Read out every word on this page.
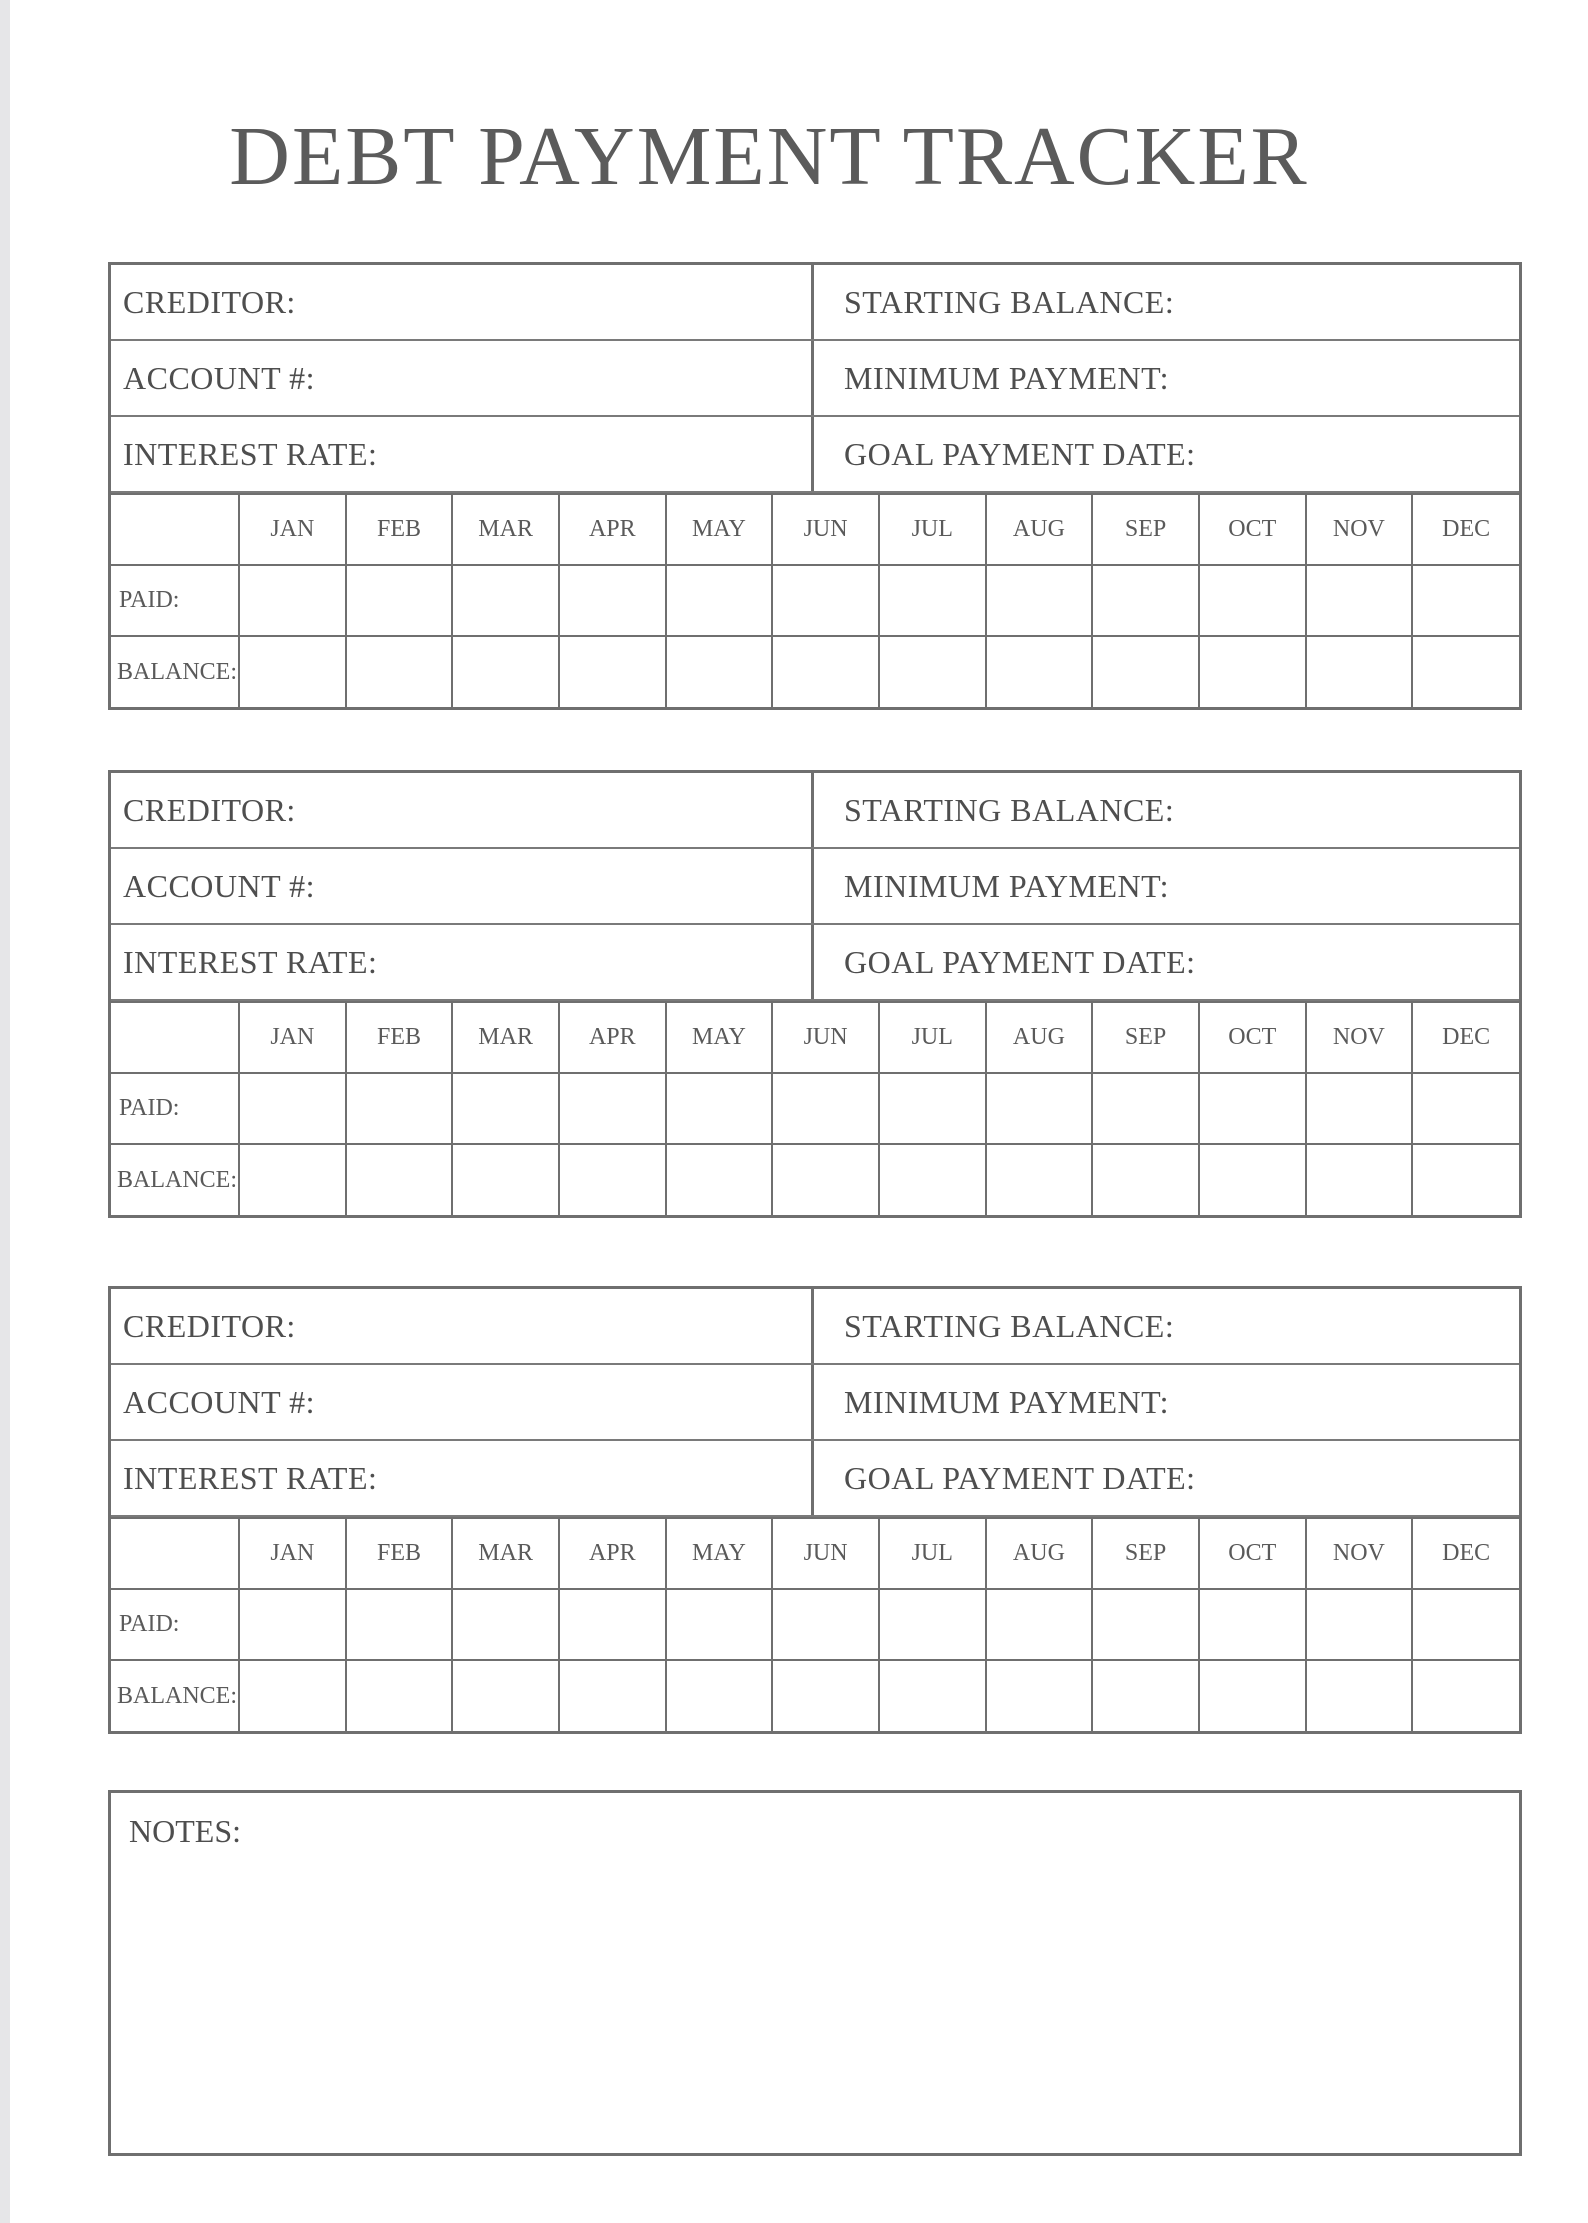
DEBT PAYMENT TRACKER
CREDITOR:	STARTING BALANCE:
ACCOUNT #:	MINIMUM PAYMENT:
INTEREST RATE:	GOAL PAYMENT DATE:
	JAN	FEB	MAR	APR	MAY	JUN	JUL	AUG	SEP	OCT	NOV	DEC
PAID:												
BALANCE:												
CREDITOR:	STARTING BALANCE:
ACCOUNT #:	MINIMUM PAYMENT:
INTEREST RATE:	GOAL PAYMENT DATE:
	JAN	FEB	MAR	APR	MAY	JUN	JUL	AUG	SEP	OCT	NOV	DEC
PAID:												
BALANCE:												
CREDITOR:	STARTING BALANCE:
ACCOUNT #:	MINIMUM PAYMENT:
INTEREST RATE:	GOAL PAYMENT DATE:
	JAN	FEB	MAR	APR	MAY	JUN	JUL	AUG	SEP	OCT	NOV	DEC
PAID:												
BALANCE:												
NOTES:
